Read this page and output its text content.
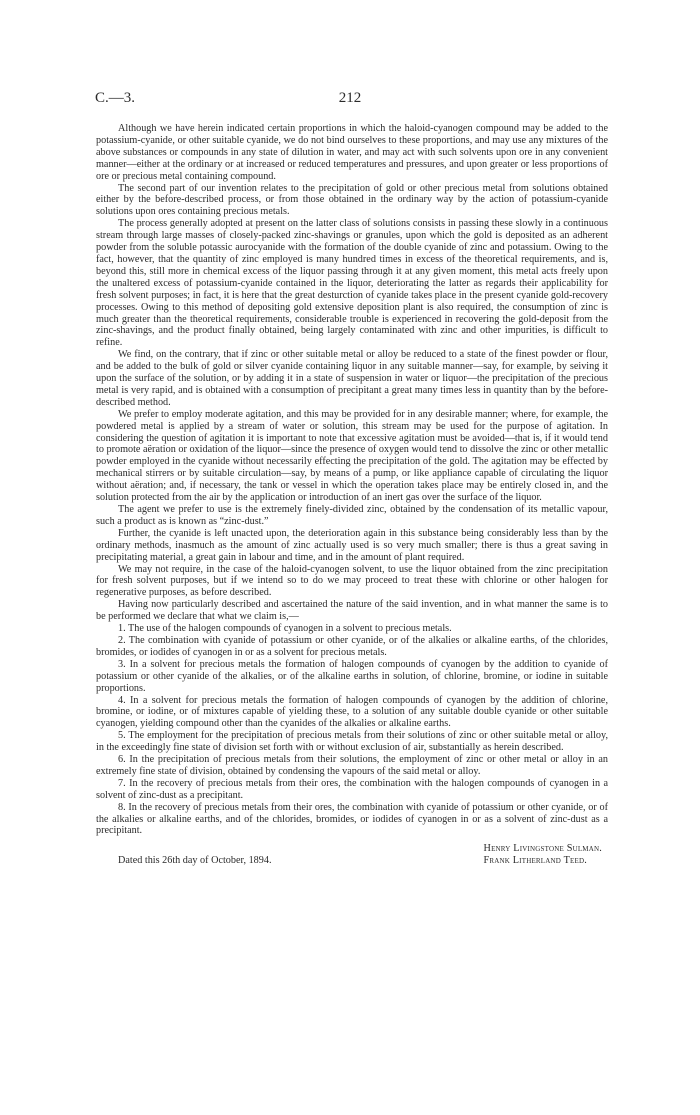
C.—3.	212

Although we have herein indicated certain proportions in which the haloid-cyanogen compound may be added to the potassium-cyanide, or other suitable cyanide, we do not bind ourselves to these proportions, and may use any mixtures of the above substances or compounds in any state of dilution in water, and may act with such solvents upon ore in any convenient manner—either at the ordinary or at increased or reduced temperatures and pressures, and upon greater or less proportions of ore or precious metal containing compound.

The second part of our invention relates to the precipitation of gold or other precious metal from solutions obtained either by the before-described process, or from those obtained in the ordinary way by the action of potassium-cyanide solutions upon ores containing precious metals.

The process generally adopted at present on the latter class of solutions consists in passing these slowly in a continuous stream through large masses of closely-packed zinc-shavings or granules, upon which the gold is deposited as an adherent powder from the soluble potassic aurocyanide with the formation of the double cyanide of zinc and potassium. Owing to the fact, however, that the quantity of zinc employed is many hundred times in excess of the theoretical requirements, and is, beyond this, still more in chemical excess of the liquor passing through it at any given moment, this metal acts freely upon the unaltered excess of potassium-cyanide contained in the liquor, deteriorating the latter as regards their applicability for fresh solvent purposes; in fact, it is here that the great desturction of cyanide takes place in the present cyanide gold-recovery processes. Owing to this method of depositing gold extensive deposition plant is also required, the consumption of zinc is much greater than the theoretical requirements, considerable trouble is experienced in recovering the gold-deposit from the zinc-shavings, and the product finally obtained, being largely contaminated with zinc and other impurities, is difficult to refine.

We find, on the contrary, that if zinc or other suitable metal or alloy be reduced to a state of the finest powder or flour, and be added to the bulk of gold or silver cyanide containing liquor in any suitable manner—say, for example, by seiving it upon the surface of the solution, or by adding it in a state of suspension in water or liquor—the precipitation of the precious metal is very rapid, and is obtained with a consumption of precipitant a great many times less in quantity than by the before-described method.

We prefer to employ moderate agitation, and this may be provided for in any desirable manner; where, for example, the powdered metal is applied by a stream of water or solution, this stream may be used for the purpose of agitation. In considering the question of agitation it is important to note that excessive agitation must be avoided—that is, if it would tend to promote aëration or oxidation of the liquor—since the presence of oxygen would tend to dissolve the zinc or other metallic powder employed in the cyanide without necessarily effecting the precipitation of the gold. The agitation may be effected by mechanical stirrers or by suitable circulation—say, by means of a pump, or like appliance capable of circulating the liquor without aëration; and, if necessary, the tank or vessel in which the operation takes place may be entirely closed in, and the solution protected from the air by the application or introduction of an inert gas over the surface of the liquor.

The agent we prefer to use is the extremely finely-divided zinc, obtained by the condensation of its metallic vapour, such a product as is known as “zinc-dust.”

Further, the cyanide is left unacted upon, the deterioration again in this substance being considerably less than by the ordinary methods, inasmuch as the amount of zinc actually used is so very much smaller; there is thus a great saving in precipitating material, a great gain in labour and time, and in the amount of plant required.

We may not require, in the case of the haloid-cyanogen solvent, to use the liquor obtained from the zinc precipitation for fresh solvent purposes, but if we intend so to do we may proceed to treat these with chlorine or other halogen for regenerative purposes, as before described.

Having now particularly described and ascertained the nature of the said invention, and in what manner the same is to be performed we declare that what we claim is,—

1. The use of the halogen compounds of cyanogen in a solvent to precious metals.
2. The combination with cyanide of potassium or other cyanide, or of the alkalies or alkaline earths, of the chlorides, bromides, or iodides of cyanogen in or as a solvent for precious metals.
3. In a solvent for precious metals the formation of halogen compounds of cyanogen by the addition to cyanide of potassium or other cyanide of the alkalies, or of the alkaline earths in solution, of chlorine, bromine, or iodine in suitable proportions.
4. In a solvent for precious metals the formation of halogen compounds of cyanogen by the addition of chlorine, bromine, or iodine, or of mixtures capable of yielding these, to a solution of any suitable double cyanide or other suitable cyanogen, yielding compound other than the cyanides of the alkalies or alkaline earths.
5. The employment for the precipitation of precious metals from their solutions of zinc or other suitable metal or alloy, in the exceedingly fine state of division set forth with or without exclusion of air, substantially as herein described.
6. In the precipitation of precious metals from their solutions, the employment of zinc or other metal or alloy in an extremely fine state of division, obtained by condensing the vapours of the said metal or alloy.
7. In the recovery of precious metals from their ores, the combination with the halogen compounds of cyanogen in a solvent of zinc-dust as a precipitant.
8. In the recovery of precious metals from their ores, the combination with cyanide of potassium or other cyanide, or of the alkalies or alkaline earths, and of the chlorides, bromides, or iodides of cyanogen in or as a solvent of zinc-dust as a precipitant.
Henry Livingstone Sulman.
Frank Litherland Teed.
Dated this 26th day of October, 1894.
